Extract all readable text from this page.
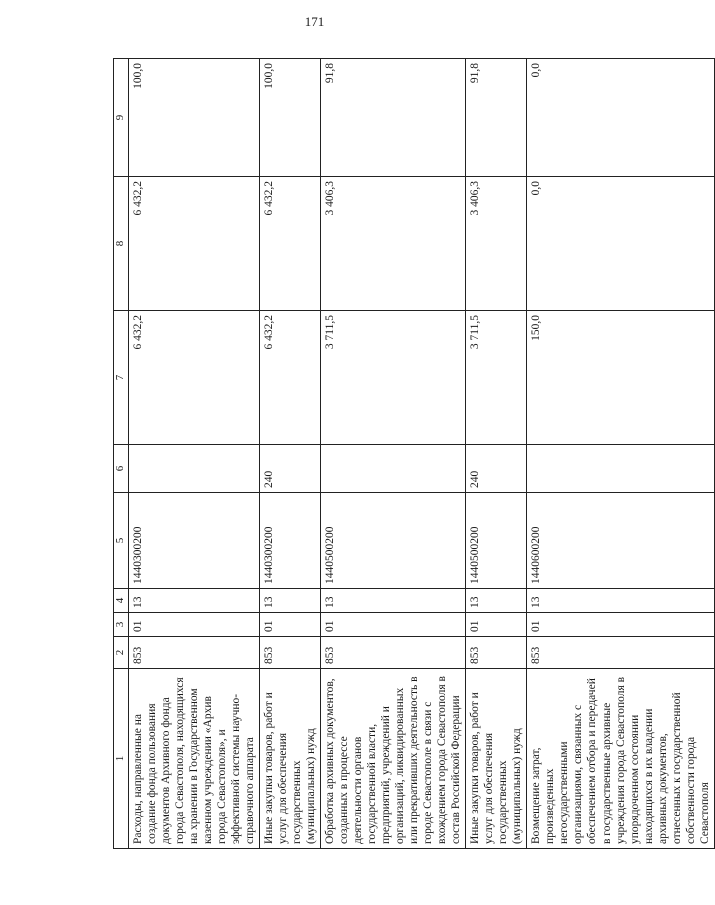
171
1	2	3	4	5	6	7	8	9
Расходы, направленные на создание фонда пользования документов Архивного фонда города Севастополя, находящихся на хранении в Государственном казенном учреждении «Архив города Севастополя», и эффективной системы научно-справочного аппарата	853	01	13	1440300200		6 432,2	6 432,2	100,0
Иные закупки товаров, работ и услуг для обеспечения государственных (муниципальных) нужд	853	01	13	1440300200	240	6 432,2	6 432,2	100,0
Обработка архивных документов, созданных в процессе деятельности органов государственной власти, предприятий, учреждений и организаций, ликвидированных или прекративших деятельность в городе Севастополе в связи с вхождением города Севастополя в состав Российской Федерации	853	01	13	1440500200		3 711,5	3 406,3	91,8
Иные закупки товаров, работ и услуг для обеспечения государственных (муниципальных) нужд	853	01	13	1440500200	240	3 711,5	3 406,3	91,8
Возмещение затрат, произведенных негосударственными организациями, связанных с обеспечением отбора и передачей в государственные архивные учреждения города Севастополя в упорядоченном состоянии находящихся в их владении архивных документов, отнесенных к государственной собственности города Севастополя	853	01	13	1440600200		150,0	0,0	0,0
